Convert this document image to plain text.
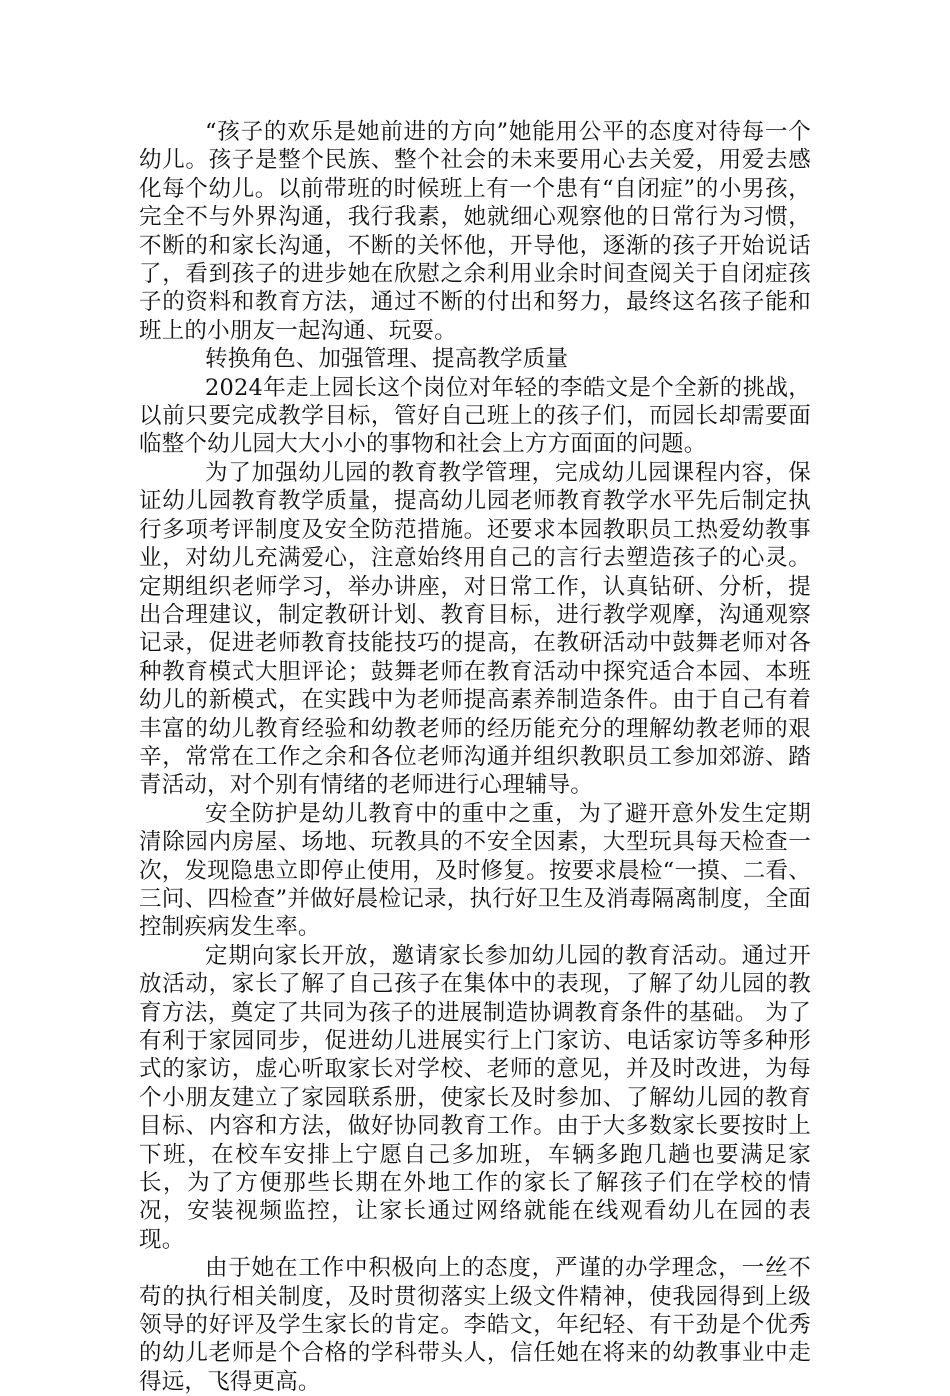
“孩子的欢乐是她前进的方向”她能用公平的态度对待每一个幼儿。孩子是整个民族、整个社会的未来要用心去关爱，用爱去感化每个幼儿。以前带班的时候班上有一个患有“自闭症”的小男孩，完全不与外界沟通，我行我素，她就细心观察他的日常行为习惯，不断的和家长沟通，不断的关怀他，开导他，逐渐的孩子开始说话了，看到孩子的进步她在欣慰之余利用业余时间查阅关于自闭症孩子的资料和教育方法，通过不断的付出和努力，最终这名孩子能和班上的小朋友一起沟通、玩耍。

转换角色、加强管理、提高教学质量

2024年走上园长这个岗位对年轻的李皓文是个全新的挑战，以前只要完成教学目标，管好自己班上的孩子们，而园长却需要面临整个幼儿园大大小小的事物和社会上方方面面的问题。

为了加强幼儿园的教育教学管理，完成幼儿园课程内容，保证幼儿园教育教学质量，提高幼儿园老师教育教学水平先后制定执行多项考评制度及安全防范措施。还要求本园教职员工热爱幼教事业，对幼儿充满爱心，注意始终用自己的言行去塑造孩子的心灵。定期组织老师学习，举办讲座，对日常工作，认真钻研、分析，提出合理建议，制定教研计划、教育目标，进行教学观摩，沟通观察记录，促进老师教育技能技巧的提高，在教研活动中鼓舞老师对各种教育模式大胆评论；鼓舞老师在教育活动中探究适合本园、本班幼儿的新模式，在实践中为老师提高素养制造条件。由于自己有着丰富的幼儿教育经验和幼教老师的经历能充分的理解幼教老师的艰辛，常常在工作之余和各位老师沟通并组织教职员工参加郊游、踏青活动，对个别有情绪的老师进行心理辅导。

安全防护是幼儿教育中的重中之重，为了避开意外发生定期清除园内房屋、场地、玩教具的不安全因素，大型玩具每天检查一次，发现隐患立即停止使用，及时修复。按要求晨检“一摸、二看、三问、四检查”并做好晨检记录，执行好卫生及消毒隔离制度，全面控制疾病发生率。

定期向家长开放，邀请家长参加幼儿园的教育活动。通过开放活动，家长了解了自己孩子在集体中的表现，了解了幼儿园的教育方法，奠定了共同为孩子的进展制造协调教育条件的基础。 为了有利于家园同步，促进幼儿进展实行上门家访、电话家访等多种形式的家访，虚心听取家长对学校、老师的意见，并及时改进，为每个小朋友建立了家园联系册，使家长及时参加、了解幼儿园的教育目标、内容和方法，做好协同教育工作。由于大多数家长要按时上下班，在校车安排上宁愿自己多加班，车辆多跑几趟也要满足家长，为了方便那些长期在外地工作的家长了解孩子们在学校的情况，安装视频监控，让家长通过网络就能在线观看幼儿在园的表现。

由于她在工作中积极向上的态度，严谨的办学理念，一丝不苟的执行相关制度，及时贯彻落实上级文件精神，使我园得到上级领导的好评及学生家长的肯定。李皓文，年纪轻、有干劲是个优秀的幼儿老师是个合格的学科带头人，信任她在将来的幼教事业中走得远，飞得更高。
